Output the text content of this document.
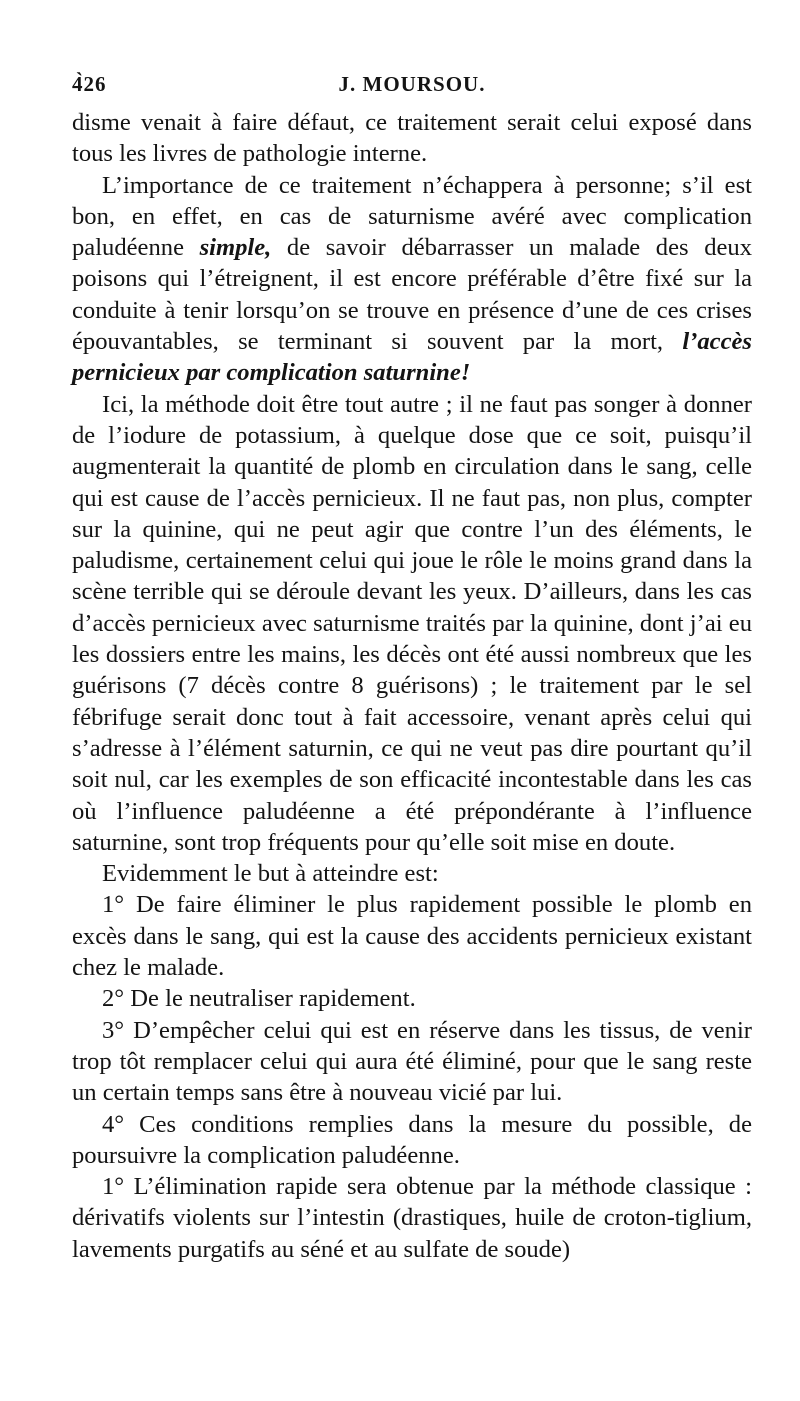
4̀26	J. MOURSOU.

disme venait à faire défaut, ce traitement serait celui exposé dans tous les livres de pathologie interne.

L’importance de ce traitement n’échappera à personne; s’il est bon, en effet, en cas de saturnisme avéré avec complication paludéenne simple, de savoir débarrasser un malade des deux poisons qui l’étreignent, il est encore préférable d’être fixé sur la conduite à tenir lorsqu’on se trouve en présence d’une de ces crises épouvantables, se terminant si souvent par la mort, l’accès pernicieux par complication saturnine!

Ici, la méthode doit être tout autre ; il ne faut pas songer à donner de l’iodure de potassium, à quelque dose que ce soit, puisqu’il augmenterait la quantité de plomb en circulation dans le sang, celle qui est cause de l’accès pernicieux. Il ne faut pas, non plus, compter sur la quinine, qui ne peut agir que contre l’un des éléments, le paludisme, certainement celui qui joue le rôle le moins grand dans la scène terrible qui se déroule devant les yeux. D’ailleurs, dans les cas d’accès pernicieux avec saturnisme traités par la quinine, dont j’ai eu les dossiers entre les mains, les décès ont été aussi nombreux que les guérisons (7 décès contre 8 guérisons) ; le traitement par le sel fébrifuge serait donc tout à fait accessoire, venant après celui qui s’adresse à l’élément saturnin, ce qui ne veut pas dire pourtant qu’il soit nul, car les exemples de son efficacité incontestable dans les cas où l’influence paludéenne a été prépondérante à l’influence saturnine, sont trop fréquents pour qu’elle soit mise en doute.

Evidemment le but à atteindre est:

1° De faire éliminer le plus rapidement possible le plomb en excès dans le sang, qui est la cause des accidents pernicieux existant chez le malade.

2° De le neutraliser rapidement.

3° D’empêcher celui qui est en réserve dans les tissus, de venir trop tôt remplacer celui qui aura été éliminé, pour que le sang reste un certain temps sans être à nouveau vicié par lui.

4° Ces conditions remplies dans la mesure du possible, de poursuivre la complication paludéenne.

1° L’élimination rapide sera obtenue par la méthode classique : dérivatifs violents sur l’intestin (drastiques, huile de croton-tiglium, lavements purgatifs au séné et au sulfate de soude)
